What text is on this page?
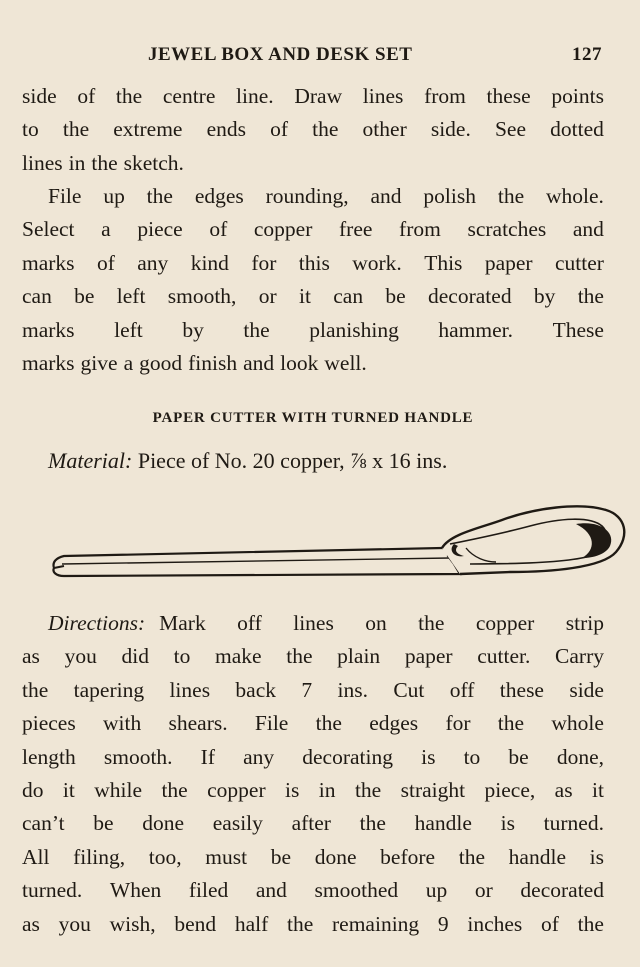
JEWEL BOX AND DESK SET	127
side of the centre line. Draw lines from these points
to the extreme ends of the other side. See dotted
lines in the sketch.
File up the edges rounding, and polish the whole.
Select a piece of copper free from scratches and
marks of any kind for this work. This paper cutter
can be left smooth, or it can be decorated by the
marks left by the planishing hammer. These
marks give a good finish and look well.
PAPER CUTTER WITH TURNED HANDLE
Material: Piece of No. 20 copper, ⅞ x 16 ins.
Directions: Mark off lines on the copper strip
as you did to make the plain paper cutter. Carry
the tapering lines back 7 ins. Cut off these side
pieces with shears. File the edges for the whole
length smooth. If any decorating is to be done,
do it while the copper is in the straight piece, as it
can’t be done easily after the handle is turned.
All filing, too, must be done before the handle is
turned. When filed and smoothed up or decorated
as you wish, bend half the remaining 9 inches of the
